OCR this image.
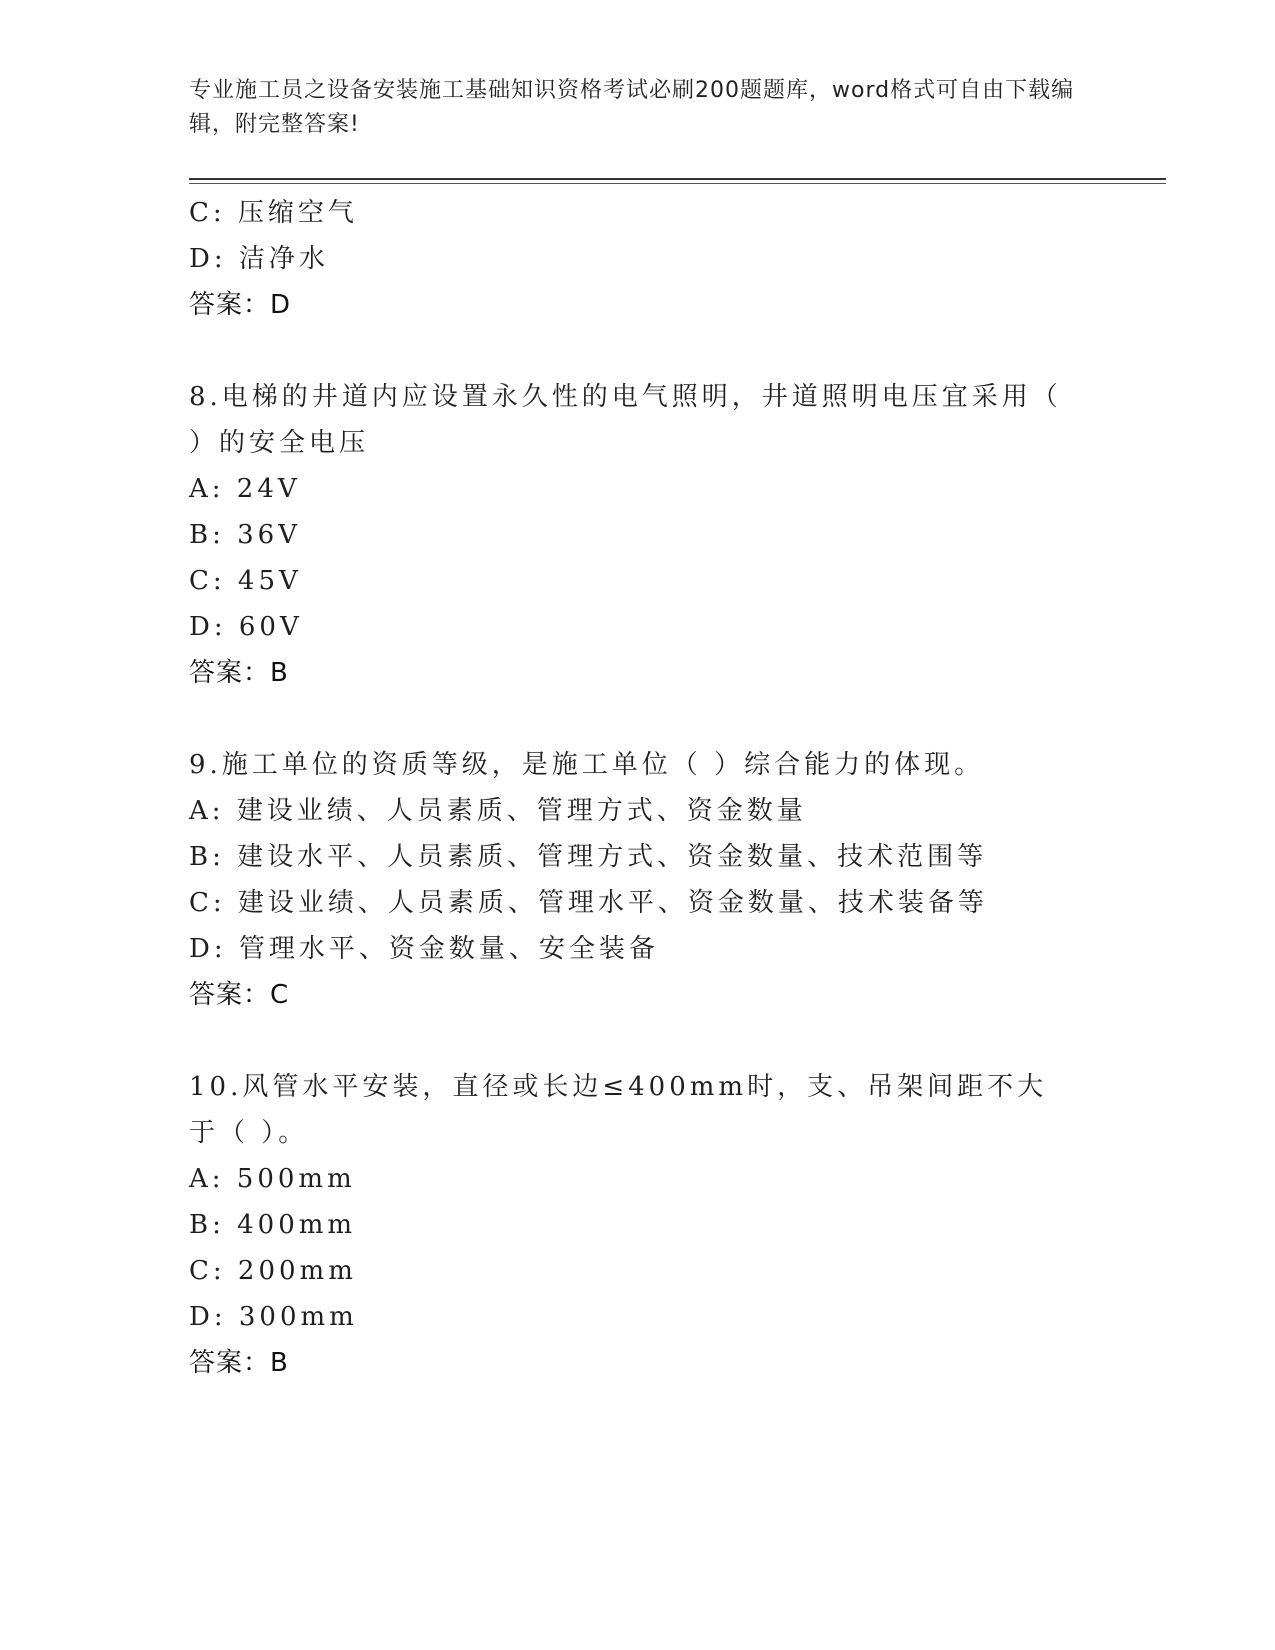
专业施工员之设备安装施工基础知识资格考试必刷200题题库，word格式可自由下载编辑，附完整答案!
C: 压缩空气
D: 洁净水
答案：D
8.电梯的井道内应设置永久性的电气照明，井道照明电压宜采用（ ）的安全电压
A: 24V
B: 36V
C: 45V
D: 60V
答案：B
9.施工单位的资质等级，是施工单位（ ）综合能力的体现。
A: 建设业绩、人员素质、管理方式、资金数量
B: 建设水平、人员素质、管理方式、资金数量、技术范围等
C: 建设业绩、人员素质、管理水平、资金数量、技术装备等
D: 管理水平、资金数量、安全装备
答案：C
10.风管水平安装，直径或长边≤400mm时，支、吊架间距不大于（ ）。
A: 500mm
B: 400mm
C: 200mm
D: 300mm
答案：B
